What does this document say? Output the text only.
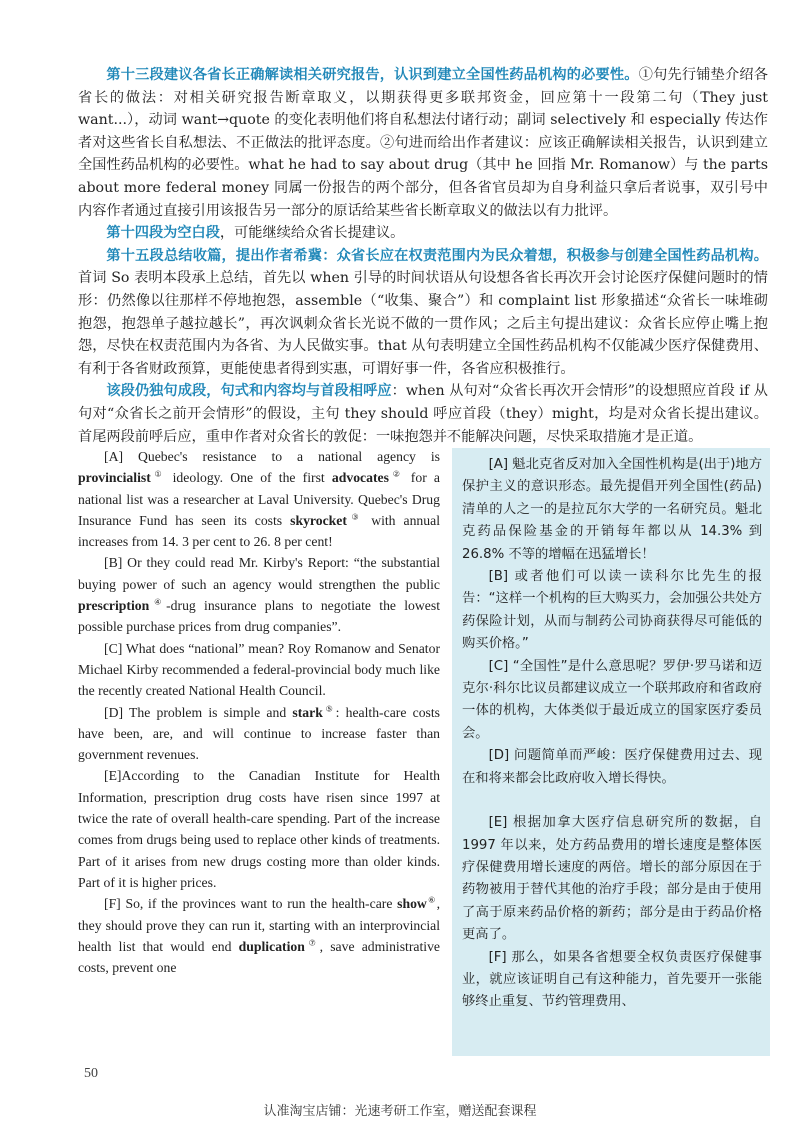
第十三段建议各省长正确解读相关研究报告，认识到建立全国性药品机构的必要性。①句先行铺垫介绍各省长的做法：对相关研究报告断章取义，以期获得更多联邦资金，回应第十一段第二句（They just want...），动词 want→quote 的变化表明他们将自私想法付诸行动；副词 selectively 和 especially 传达作者对这些省长自私想法、不正做法的批评态度。②句进而给出作者建议：应该正确解读相关报告，认识到建立全国性药品机构的必要性。what he had to say about drug（其中 he 回指 Mr. Romanow）与 the parts about more federal money 同属一份报告的两个部分，但各省官员却为自身利益只拿后者说事，双引号中内容作者通过直接引用该报告另一部分的原话给某些省长断章取义的做法以有力批评。

第十四段为空白段，可能继续给众省长提建议。

第十五段总结收篇，提出作者希冀：众省长应在权责范围内为民众着想，积极参与创建全国性药品机构。首词 So 表明本段承上总结，首先以 when 引导的时间状语从句设想各省长再次开会讨论医疗保健问题时的情形：仍然像以往那样不停地抱怨，assemble（“收集、聚合”）和 complaint list 形象描述“众省长一味堆砌抱怨，抱怨单子越拉越长”，再次讽刺众省长光说不做的一贯作风；之后主句提出建议：众省长应停止嘴上抱怨，尽快在权责范围内为各省、为人民做实事。that 从句表明建立全国性药品机构不仅能减少医疗保健费用、有利于各省财政预算，更能使患者得到实惠，可谓好事一件，各省应积极推行。

该段仍独句成段，句式和内容均与首段相呼应：when 从句对“众省长再次开会情形”的设想照应首段 if 从句对“众省长之前开会情形”的假设，主句 they should 呼应首段（they）might，均是对众省长提出建议。首尾两段前呼后应，重申作者对众省长的敦促：一味抱怨并不能解决问题，尽快采取措施才是正道。

[A] Quebec's resistance to a national agency is provincialist① ideology. One of the first advocates② for a national list was a researcher at Laval University. Quebec's Drug Insurance Fund has seen its costs skyrocket③ with annual increases from 14. 3 per cent to 26. 8 per cent!

[B] Or they could read Mr. Kirby's Report: “the substantial buying power of such an agency would strengthen the public prescription④-drug insurance plans to negotiate the lowest possible purchase prices from drug companies”.

[C] What does “national” mean? Roy Romanow and Senator Michael Kirby recommended a federal-provincial body much like the recently created National Health Council.

[D] The problem is simple and stark⑤: health-care costs have been, are, and will continue to increase faster than government revenues.

[E]According to the Canadian Institute for Health Information, prescription drug costs have risen since 1997 at twice the rate of overall health-care spending. Part of the increase comes from drugs being used to replace other kinds of treatments. Part of it arises from new drugs costing more than older kinds. Part of it is higher prices.

[F] So, if the provinces want to run the health-care show⑥, they should prove they can run it, starting with an interprovincial health list that would end duplication⑦, save administrative costs, prevent one

[A] 魁北克省反对加入全国性机构是(出于)地方保护主义的意识形态。最先提倡开列全国性(药品)清单的人之一的是拉瓦尔大学的一名研究员。魁北克药品保险基金的开销每年都以从 14.3% 到 26.8% 不等的增幅在迅猛增长！

[B] 或者他们可以读一读科尔比先生的报告：“这样一个机构的巨大购买力，会加强公共处方药保险计划，从而与制药公司协商获得尽可能低的购买价格。”

[C] “全国性”是什么意思呢？罗伊·罗马诺和迈克尔·科尔比议员都建议成立一个联邦政府和省政府一体的机构，大体类似于最近成立的国家医疗委员会。

[D] 问题简单而严峻：医疗保健费用过去、现在和将来都会比政府收入增长得快。

[E] 根据加拿大医疗信息研究所的数据，自 1997 年以来，处方药品费用的增长速度是整体医疗保健费用增长速度的两倍。增长的部分原因在于药物被用于替代其他的治疗手段；部分是由于使用了高于原来药品价格的新药；部分是由于药品价格更高了。

[F] 那么，如果各省想要全权负责医疗保健事业，就应该证明自己有这种能力，首先要开一张能够终止重复、节约管理费用、

50
认准淘宝店铺：光速考研工作室，赠送配套课程
